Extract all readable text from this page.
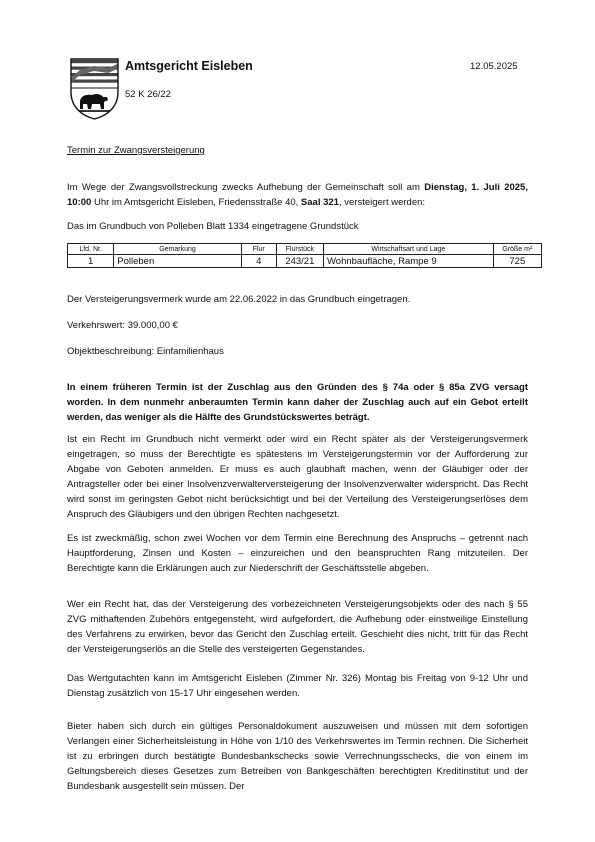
Amtsgericht Eisleben
52 K 26/22
12.05.2025
Termin zur Zwangsversteigerung
Im Wege der Zwangsvollstreckung zwecks Aufhebung der Gemeinschaft soll am Dienstag, 1. Juli 2025, 10:00 Uhr im Amtsgericht Eisleben, Friedensstraße 40, Saal 321, versteigert werden:
Das im Grundbuch von Polleben Blatt 1334 eingetragene Grundstück
Lfd. Nr.	Gemarkung	Flur	Flurstück	Wirtschaftsart und Lage	Größe m²
1	Polleben	4	243/21	Wohnbaufläche, Rampe 9	725
Der Versteigerungsvermerk wurde am 22.06.2022 in das Grundbuch eingetragen.
Verkehrswert: 39.000,00 €
Objektbeschreibung: Einfamilienhaus
In einem früheren Termin ist der Zuschlag aus den Gründen des § 74a oder § 85a ZVG versagt worden. In dem nunmehr anberaumten Termin kann daher der Zuschlag auch auf ein Gebot erteilt werden, das weniger als die Hälfte des Grundstückswertes beträgt.
Ist ein Recht im Grundbuch nicht vermerkt oder wird ein Recht später als der Versteigerungsvermerk eingetragen, so muss der Berechtigte es spätestens im Versteigerungstermin vor der Aufforderung zur Abgabe von Geboten anmelden. Er muss es auch glaubhaft machen, wenn der Gläubiger oder der Antragsteller oder bei einer Insolvenzverwalterversteigerung der Insolvenzverwalter widerspricht. Das Recht wird sonst im geringsten Gebot nicht berücksichtigt und bei der Verteilung des Versteigerungserlöses dem Anspruch des Gläubigers und den übrigen Rechten nachgesetzt.
Es ist zweckmäßig, schon zwei Wochen vor dem Termin eine Berechnung des Anspruchs – getrennt nach Hauptforderung, Zinsen und Kosten – einzureichen und den beanspruchten Rang mitzuteilen. Der Berechtigte kann die Erklärungen auch zur Niederschrift der Geschäftsstelle abgeben.
Wer ein Recht hat, das der Versteigerung des vorbezeichneten Versteigerungsobjekts oder des nach § 55 ZVG mithaftenden Zubehörs entgegensteht, wird aufgefordert, die Aufhebung oder einstweilige Einstellung des Verfahrens zu erwirken, bevor das Gericht den Zuschlag erteilt. Geschieht dies nicht, tritt für das Recht der Versteigerungserlös an die Stelle des versteigerten Gegenstandes.
Das Wertgutachten kann im Amtsgericht Eisleben (Zimmer Nr. 326) Montag bis Freitag von 9-12 Uhr und Dienstag zusätzlich von 15-17 Uhr eingesehen werden.
Bieter haben sich durch ein gültiges Personaldokument auszuweisen und müssen mit dem sofortigen Verlangen einer Sicherheitsleistung in Höhe von 1/10 des Verkehrswertes im Termin rechnen. Die Sicherheit ist zu erbringen durch bestätigte Bundesbankschecks sowie Verrechnungsschecks, die von einem im Geltungsbereich dieses Gesetzes zum Betreiben von Bankgeschäften berechtigten Kreditinstitut und der Bundesbank ausgestellt sein müssen. Der
